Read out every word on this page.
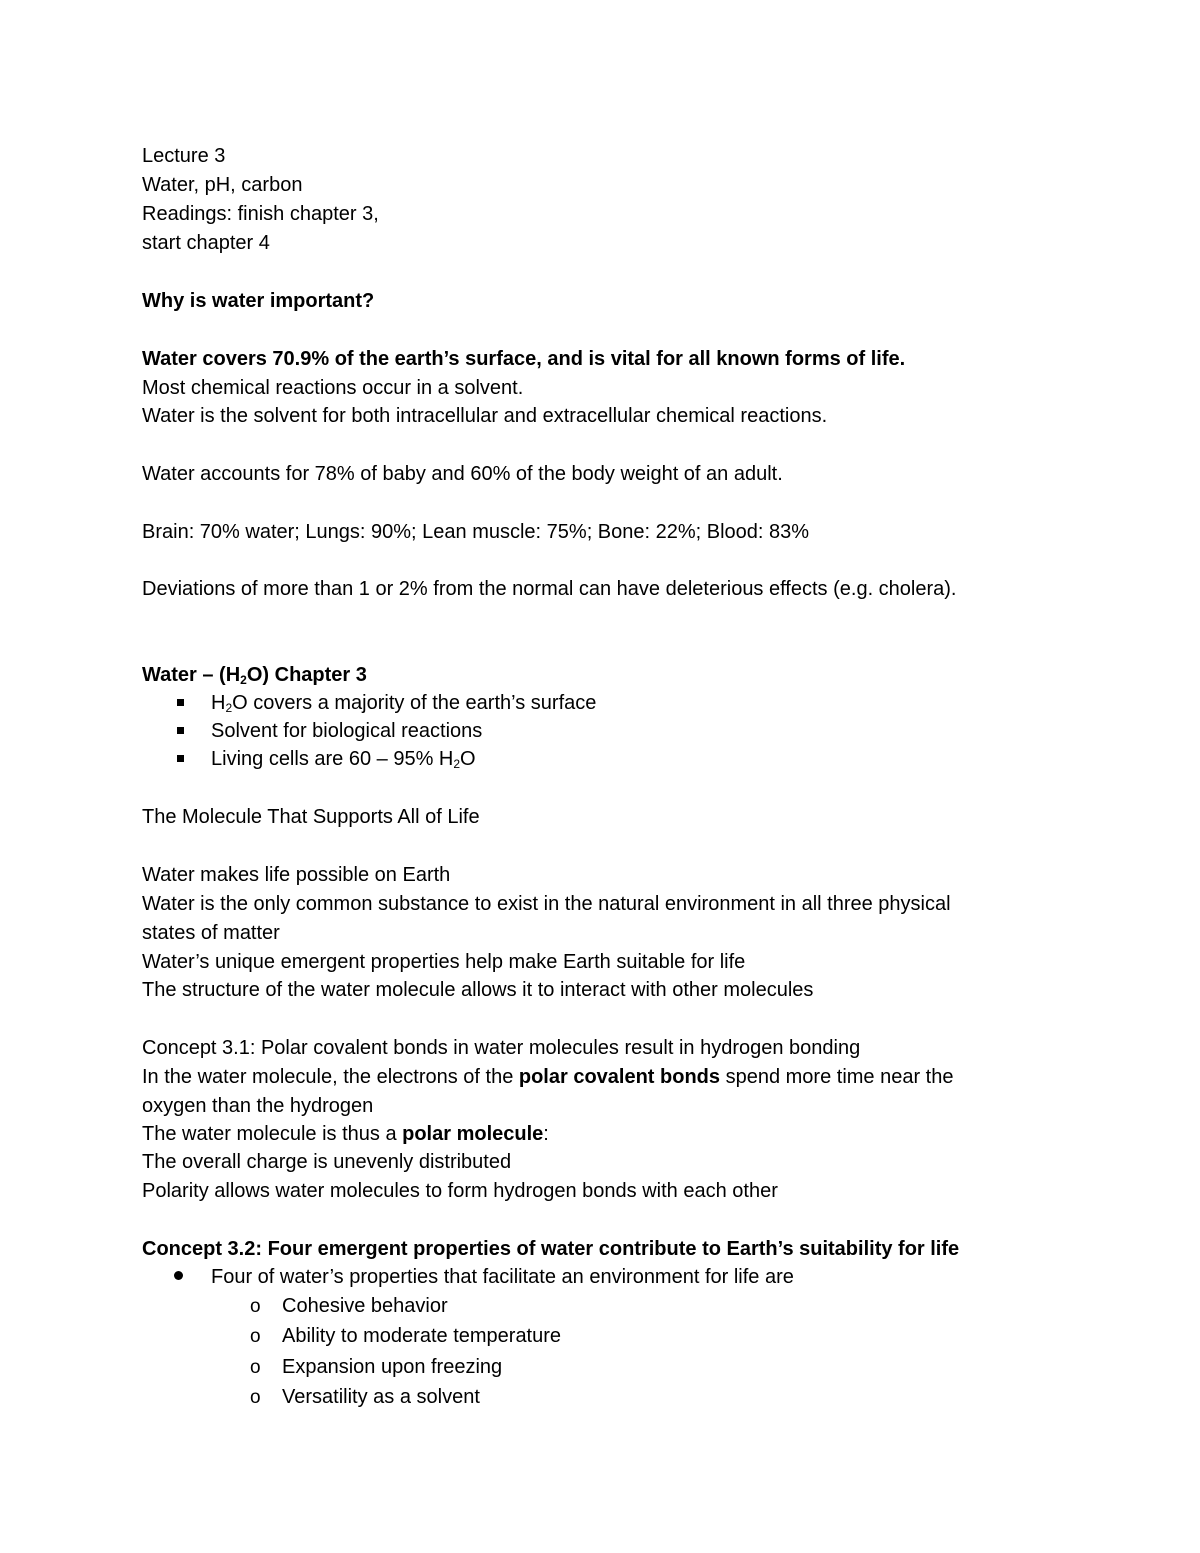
Lecture 3
Water, pH, carbon
Readings: finish chapter 3,
start chapter 4
Why is water important?
Water covers 70.9% of the earth’s surface, and is vital for all known forms of life.
Most chemical reactions occur in a solvent.
Water is the solvent for both intracellular and extracellular chemical reactions.
Water accounts for 78% of baby and 60% of the body weight of an adult.
Brain: 70% water; Lungs: 90%; Lean muscle: 75%; Bone: 22%; Blood: 83%
Deviations of more than 1 or 2% from the normal can have deleterious effects (e.g. cholera).
Water – $(H_2O)$ Chapter 3
$H_2O$ covers a majority of the earth’s surface
Solvent for biological reactions
Living cells are 60 – 95% $H_2O$
The Molecule That Supports All of Life
Water makes life possible on Earth
Water is the only common substance to exist in the natural environment in all three physical
states of matter
Water’s unique emergent properties help make Earth suitable for life
The structure of the water molecule allows it to interact with other molecules
Concept 3.1: Polar covalent bonds in water molecules result in hydrogen bonding
In the water molecule, the electrons of the polar covalent bonds spend more time near the
oxygen than the hydrogen
The water molecule is thus a polar molecule:
The overall charge is unevenly distributed
Polarity allows water molecules to form hydrogen bonds with each other
Concept 3.2: Four emergent properties of water contribute to Earth’s suitability for life
Four of water’s properties that facilitate an environment for life are
o Cohesive behavior
o Ability to moderate temperature
o Expansion upon freezing
o Versatility as a solvent
